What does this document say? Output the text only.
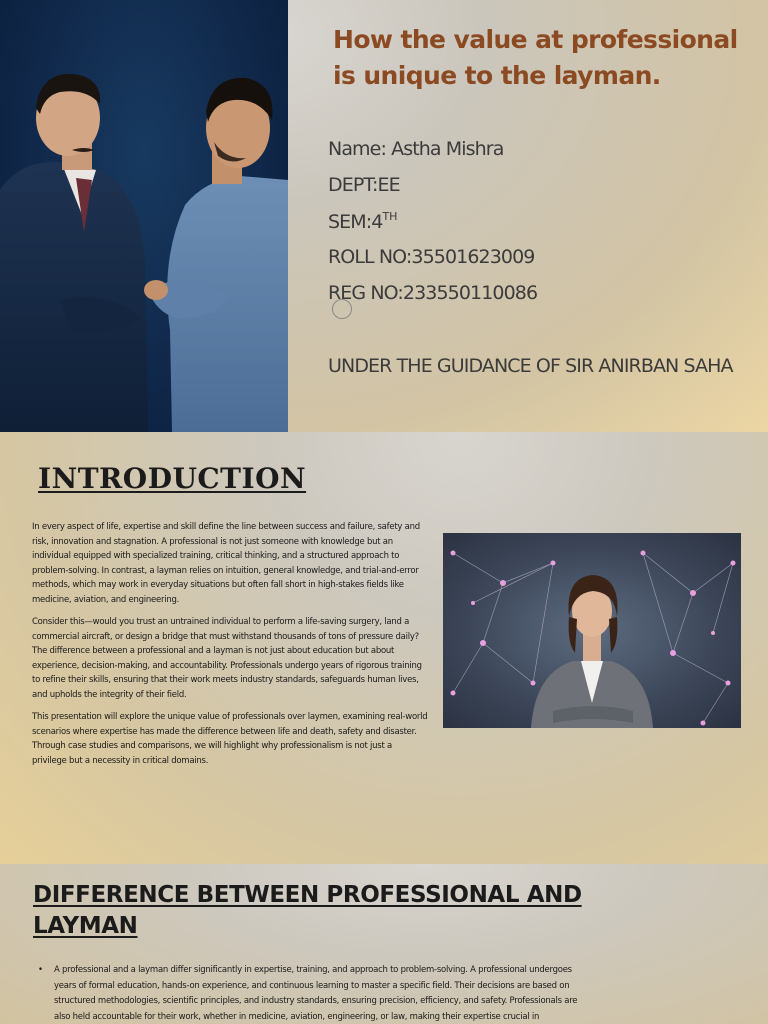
How the value at professional is unique to the layman.
Name: Astha Mishra
DEPT:EE
SEM:4TH
ROLL NO:35501623009
REG NO:233550110086
UNDER THE GUIDANCE OF SIR ANIRBAN SAHA
INTRODUCTION

In every aspect of life, expertise and skill define the line between success and failure, safety and risk, innovation and stagnation. A professional is not just someone with knowledge but an individual equipped with specialized training, critical thinking, and a structured approach to problem-solving. In contrast, a layman relies on intuition, general knowledge, and trial-and-error methods, which may work in everyday situations but often fall short in high-stakes fields like medicine, aviation, and engineering.

Consider this—would you trust an untrained individual to perform a life-saving surgery, land a commercial aircraft, or design a bridge that must withstand thousands of tons of pressure daily? The difference between a professional and a layman is not just about education but about experience, decision-making, and accountability. Professionals undergo years of rigorous training to refine their skills, ensuring that their work meets industry standards, safeguards human lives, and upholds the integrity of their field.

This presentation will explore the unique value of professionals over laymen, examining real-world scenarios where expertise has made the difference between life and death, safety and disaster. Through case studies and comparisons, we will highlight why professionalism is not just a privilege but a necessity in critical domains.

DIFFERENCE BETWEEN PROFESSIONAL AND LAYMAN
• A professional and a layman differ significantly in expertise, training, and approach to problem-solving. A professional undergoes years of formal education, hands-on experience, and continuous learning to master a specific field. Their decisions are based on structured methodologies, scientific principles, and industry standards, ensuring precision, efficiency, and safety. Professionals are also held accountable for their work, whether in medicine, aviation, engineering, or law, making their expertise crucial in
